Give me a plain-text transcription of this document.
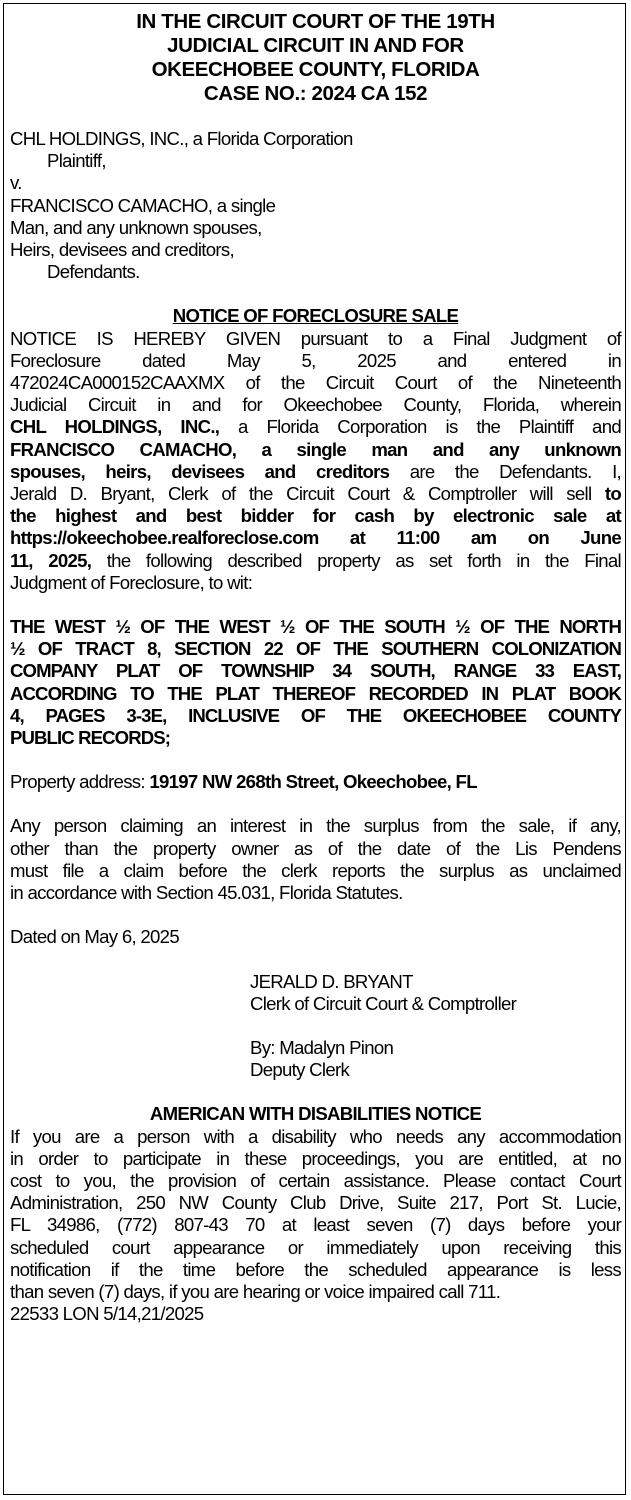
IN THE CIRCUIT COURT OF THE 19TH
JUDICIAL CIRCUIT IN AND FOR
OKEECHOBEE COUNTY, FLORIDA
CASE NO.: 2024 CA 152
CHL HOLDINGS, INC., a Florida Corporation
Plaintiff,
v.
FRANCISCO CAMACHO, a single
Man, and any unknown spouses,
Heirs, devisees and creditors,
Defendants.
NOTICE OF FORECLOSURE SALE
NOTICE IS HEREBY GIVEN pursuant to a Final Judgment of
Foreclosure dated May 5, 2025 and entered in
472024CA000152CAAXMX of the Circuit Court of the Nineteenth
Judicial Circuit in and for Okeechobee County, Florida, wherein
CHL HOLDINGS, INC., a Florida Corporation is the Plaintiff and
FRANCISCO CAMACHO, a single man and any unknown
spouses, heirs, devisees and creditors are the Defendants. I,
Jerald D. Bryant, Clerk of the Circuit Court & Comptroller will sell to
the highest and best bidder for cash by electronic sale at
https://okeechobee.realforeclose.com at 11:00 am on June
11, 2025, the following described property as set forth in the Final
Judgment of Foreclosure, to wit:
THE WEST ½ OF THE WEST ½ OF THE SOUTH ½ OF THE NORTH
½ OF TRACT 8, SECTION 22 OF THE SOUTHERN COLONIZATION
COMPANY PLAT OF TOWNSHIP 34 SOUTH, RANGE 33 EAST,
ACCORDING TO THE PLAT THEREOF RECORDED IN PLAT BOOK
4, PAGES 3-3E, INCLUSIVE OF THE OKEECHOBEE COUNTY
PUBLIC RECORDS;
Property address: 19197 NW 268th Street, Okeechobee, FL
Any person claiming an interest in the surplus from the sale, if any,
other than the property owner as of the date of the Lis Pendens
must file a claim before the clerk reports the surplus as unclaimed
in accordance with Section 45.031, Florida Statutes.
Dated on May 6, 2025
JERALD D. BRYANT
Clerk of Circuit Court & Comptroller
By: Madalyn Pinon
Deputy Clerk
AMERICAN WITH DISABILITIES NOTICE
If you are a person with a disability who needs any accommodation
in order to participate in these proceedings, you are entitled, at no
cost to you, the provision of certain assistance. Please contact Court
Administration, 250 NW County Club Drive, Suite 217, Port St. Lucie,
FL 34986, (772) 807-43 70 at least seven (7) days before your
scheduled court appearance or immediately upon receiving this
notification if the time before the scheduled appearance is less
than seven (7) days, if you are hearing or voice impaired call 711.
22533 LON 5/14,21/2025
